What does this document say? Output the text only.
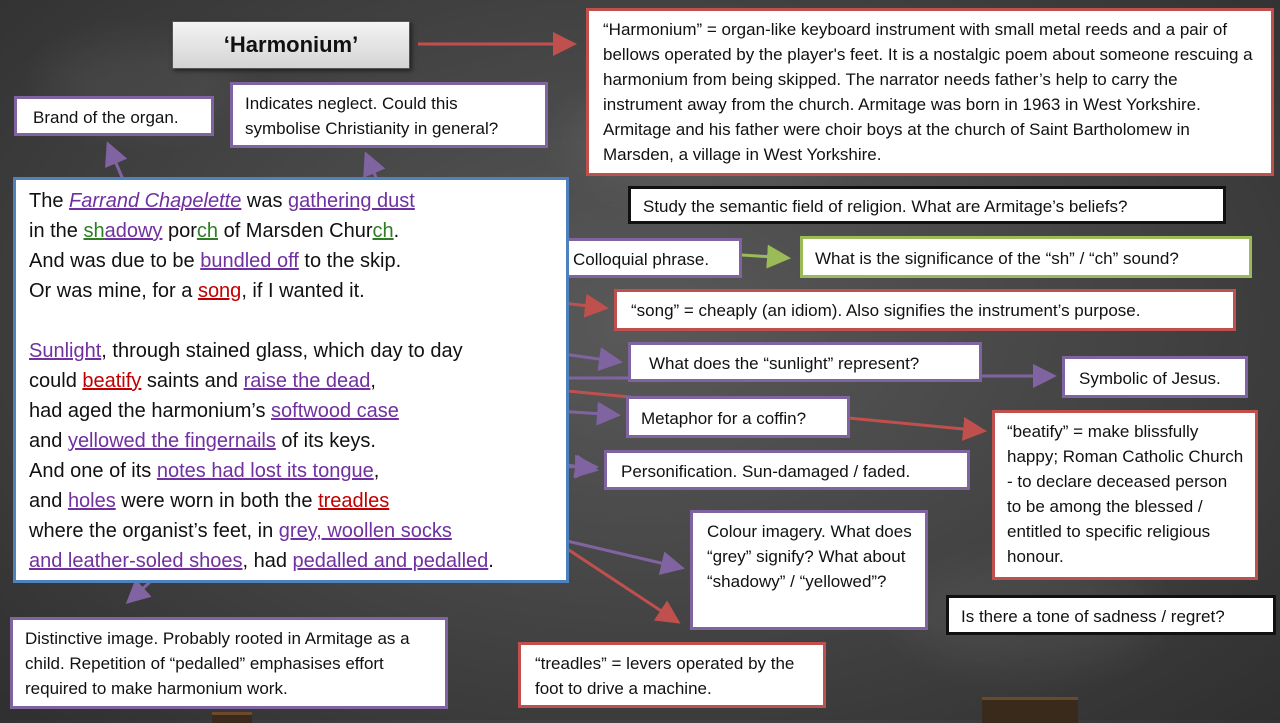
‘Harmonium’
Brand of the organ.
Indicates neglect. Could this symbolise Christianity in general?
“Harmonium” = organ-like keyboard instrument with small metal reeds and a pair of bellows operated by the player's feet. It is a nostalgic poem about someone rescuing a harmonium from being skipped. The narrator needs father’s help to carry the instrument away from the church. Armitage was born in 1963 in West Yorkshire. Armitage and his father were choir boys at the church of Saint Bartholomew in Marsden, a village in West Yorkshire.
Study the semantic field of religion. What are Armitage’s beliefs?
Colloquial phrase.	What is the significance of the “sh” / “ch” sound?
“song” = cheaply (an idiom). Also signifies the instrument’s purpose.
What does the “sunlight” represent?
Symbolic of Jesus.
Metaphor for a coffin?
“beatify” = make blissfully happy; Roman Catholic Church - to declare deceased person to be among the blessed / entitled to specific religious honour.
Personification. Sun-damaged / faded.
Colour imagery. What does “grey” signify? What about “shadowy” / “yellowed”?
Is there a tone of sadness / regret?
Distinctive image. Probably rooted in Armitage as a child. Repetition of “pedalled” emphasises effort required to make harmonium work.
“treadles” = levers operated by the foot to drive a machine.
The Farrand Chapelette was gathering dust
in the shadowy porch of Marsden Church.
And was due to be bundled off to the skip.
Or was mine, for a song, if I wanted it.
Sunlight, through stained glass, which day to day
could beatify saints and raise the dead,
had aged the harmonium’s softwood case
and yellowed the fingernails of its keys.
And one of its notes had lost its tongue,
and holes were worn in both the treadles
where the organist’s feet, in grey, woollen socks
and leather-soled shoes, had pedalled and pedalled.
